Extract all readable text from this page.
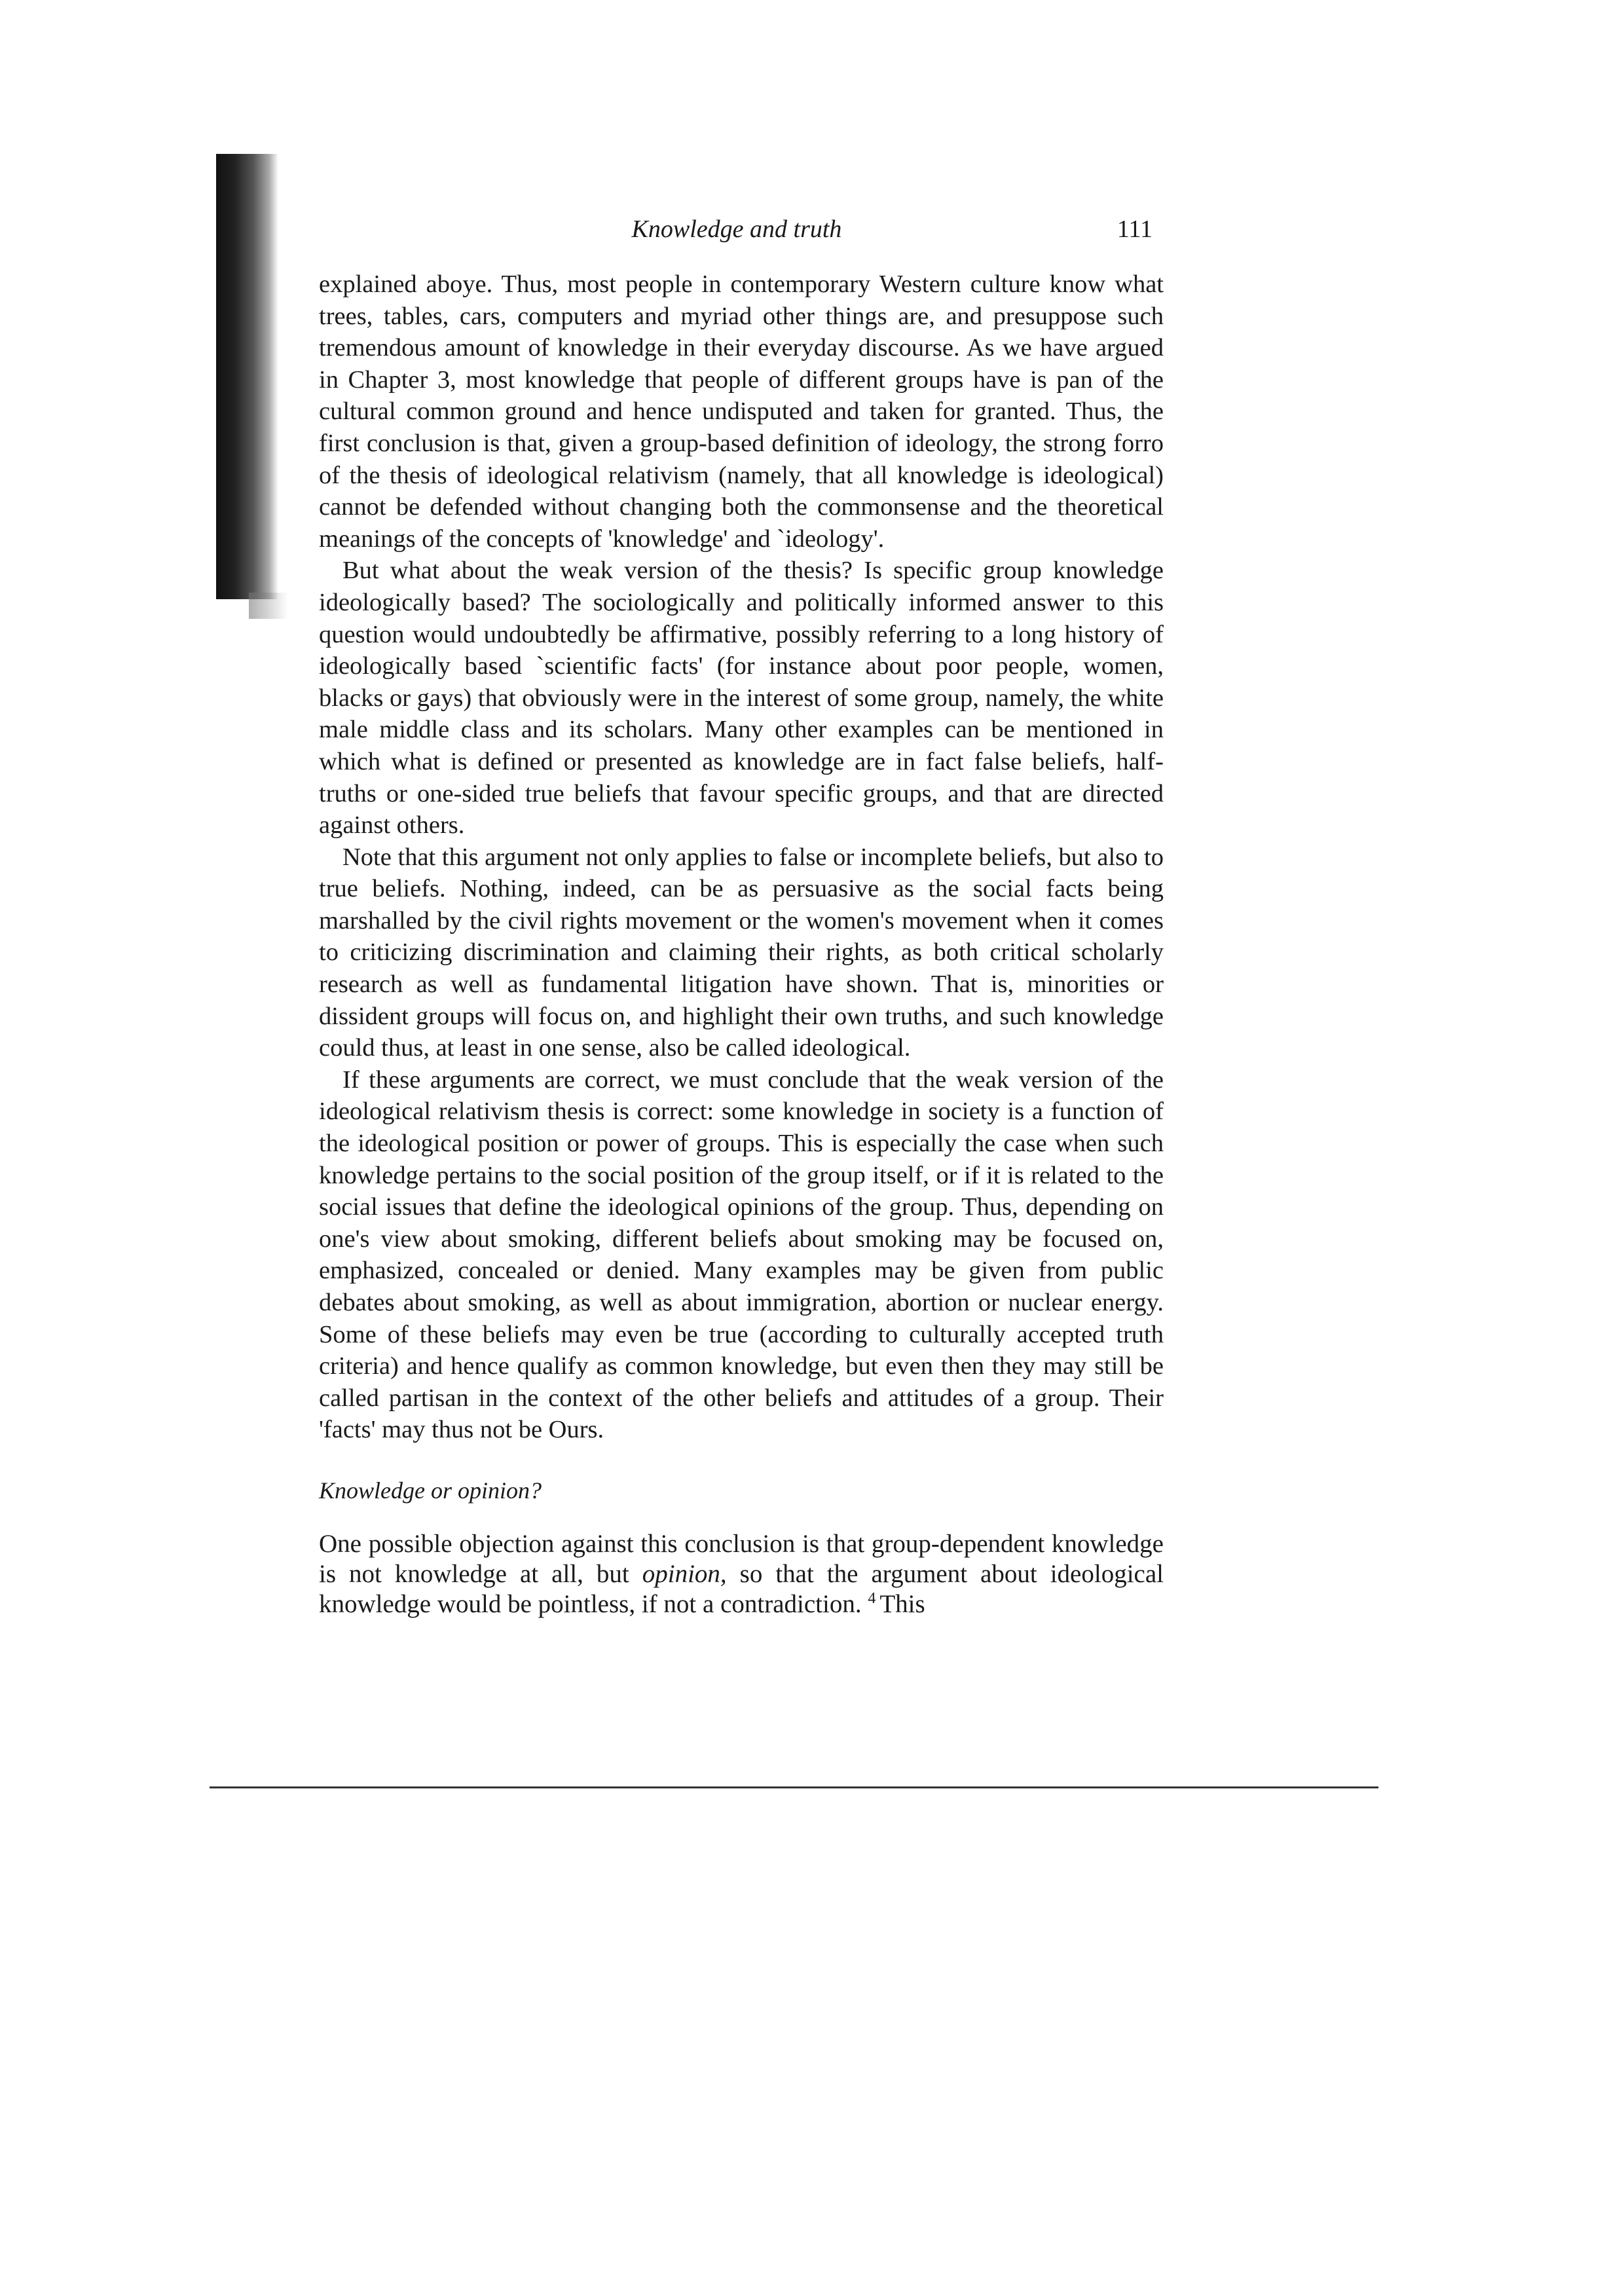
Knowledge and truth	111

explained aboye. Thus, most people in contemporary Western culture know what trees, tables, cars, computers and myriad other things are, and presuppose such tremendous amount of knowledge in their everyday discourse. As we have argued in Chapter 3, most knowledge that people of different groups have is pan of the cultural common ground and hence undisputed and taken for granted. Thus, the first conclusion is that, given a group-based definition of ideology, the strong forro of the thesis of ideological relativism (namely, that all knowledge is ideological) cannot be defended without changing both the commonsense and the theoretical meanings of the concepts of 'knowledge' and `ideology'.

But what about the weak version of the thesis? Is specific group knowledge ideologically based? The sociologically and politically informed answer to this question would undoubtedly be affirmative, possibly referring to a long history of ideologically based `scientific facts' (for instance about poor people, women, blacks or gays) that obviously were in the interest of some group, namely, the white male middle class and its scholars. Many other examples can be mentioned in which what is defined or presented as knowledge are in fact false beliefs, half-truths or one-sided true beliefs that favour specific groups, and that are directed against others.

Note that this argument not only applies to false or incomplete beliefs, but also to true beliefs. Nothing, indeed, can be as persuasive as the social facts being marshalled by the civil rights movement or the women's movement when it comes to criticizing discrimination and claiming their rights, as both critical scholarly research as well as fundamental litigation have shown. That is, minorities or dissident groups will focus on, and highlight their own truths, and such knowledge could thus, at least in one sense, also be called ideological.

If these arguments are correct, we must conclude that the weak version of the ideological relativism thesis is correct: some knowledge in society is a function of the ideological position or power of groups. This is especially the case when such knowledge pertains to the social position of the group itself, or if it is related to the social issues that define the ideological opinions of the group. Thus, depending on one's view about smoking, different beliefs about smoking may be focused on, emphasized, concealed or denied. Many examples may be given from public debates about smoking, as well as about immigration, abortion or nuclear energy. Some of these beliefs may even be true (according to culturally accepted truth criteria) and hence qualify as common knowledge, but even then they may still be called partisan in the context of the other beliefs and attitudes of a group. Their 'facts' may thus not be Ours.

Knowledge or opinion?

One possible objection against this conclusion is that group-dependent knowledge is not knowledge at all, but opinion, so that the argument about ideological knowledge would be pointless, if not a contradiction. $^4$ This
